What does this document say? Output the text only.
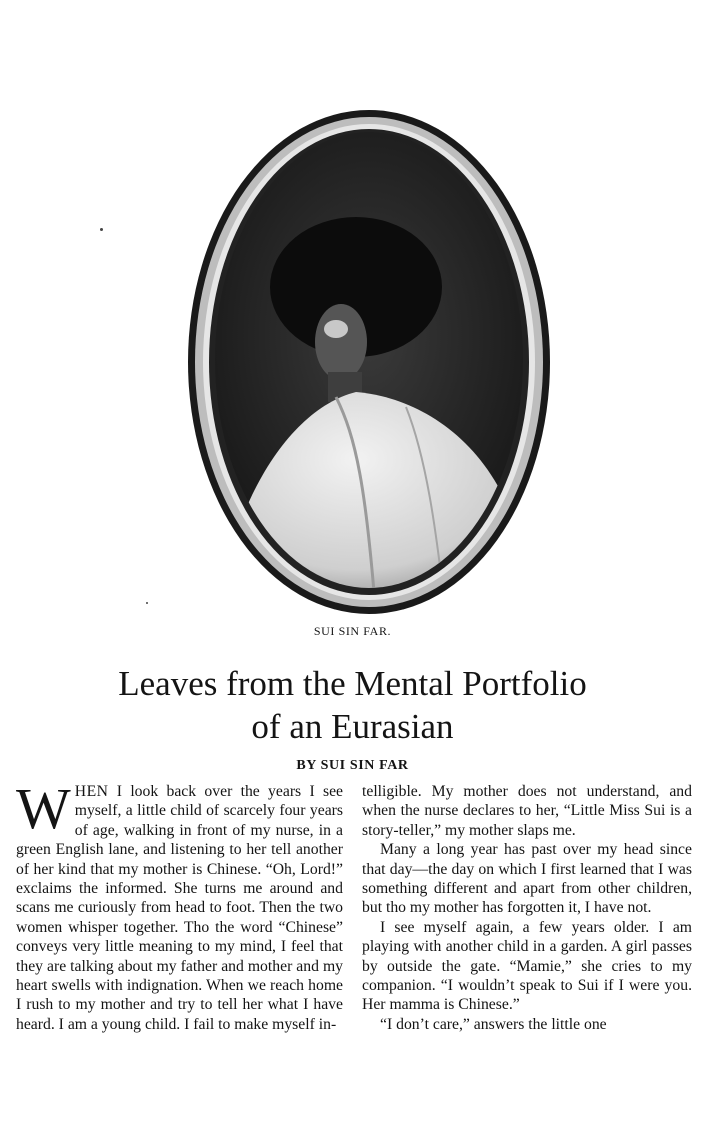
SUI SIN FAR.
Leaves from the Mental Portfolio
of an Eurasian
BY SUI SIN FAR

WHEN I look back over the years I see myself, a little child of scarcely four years of age, walking in front of my nurse, in a green English lane, and listening to her tell another of her kind that my mother is Chinese. “Oh, Lord!” exclaims the informed. She turns me around and scans me curiously from head to foot. Then the two women whisper together. Tho the word “Chinese” conveys very little meaning to my mind, I feel that they are talking about my father and mother and my heart swells with indignation. When we reach home I rush to my mother and try to tell her what I have heard. I am a young child. I fail to make myself in-

telligible. My mother does not understand, and when the nurse declares to her, “Little Miss Sui is a story-teller,” my mother slaps me.

Many a long year has past over my head since that day—the day on which I first learned that I was something different and apart from other children, but tho my mother has forgotten it, I have not.

I see myself again, a few years older. I am playing with another child in a garden. A girl passes by outside the gate. “Mamie,” she cries to my companion. “I wouldn’t speak to Sui if I were you. Her mamma is Chinese.”

“I don’t care,” answers the little one
